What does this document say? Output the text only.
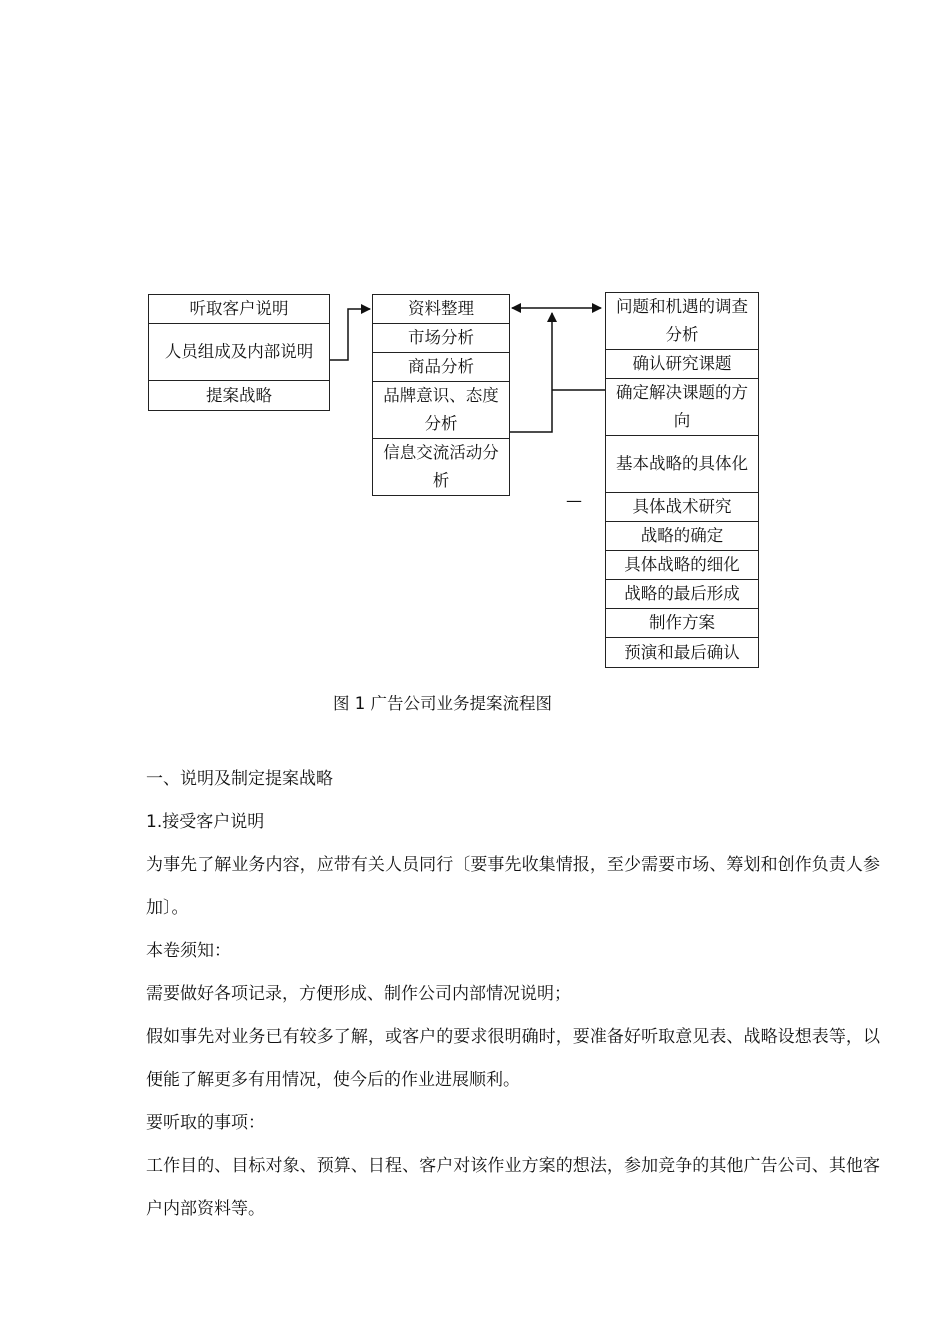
听取客户说明
人员组成及内部说明
提案战略
资料整理
市场分析
商品分析
品牌意识、态度分析
信息交流活动分析
问题和机遇的调查分析
确认研究课题
确定解决课题的方向
基本战略的具体化
具体战术研究
战略的确定
具体战略的细化
战略的最后形成
制作方案
预演和最后确认
—
图 1 广告公司业务提案流程图

一、说明及制定提案战略

1.接受客户说明

为事先了解业务内容，应带有关人员同行〔要事先收集情报，至少需要市场、筹划和创作负责人参加〕。

本卷须知：

需要做好各项记录，方便形成、制作公司内部情况说明；

假如事先对业务已有较多了解，或客户的要求很明确时，要准备好听取意见表、战略设想表等，以便能了解更多有用情况，使今后的作业进展顺利。

要听取的事项：

工作目的、目标对象、预算、日程、客户对该作业方案的想法，参加竞争的其他广告公司、其他客户内部资料等。
